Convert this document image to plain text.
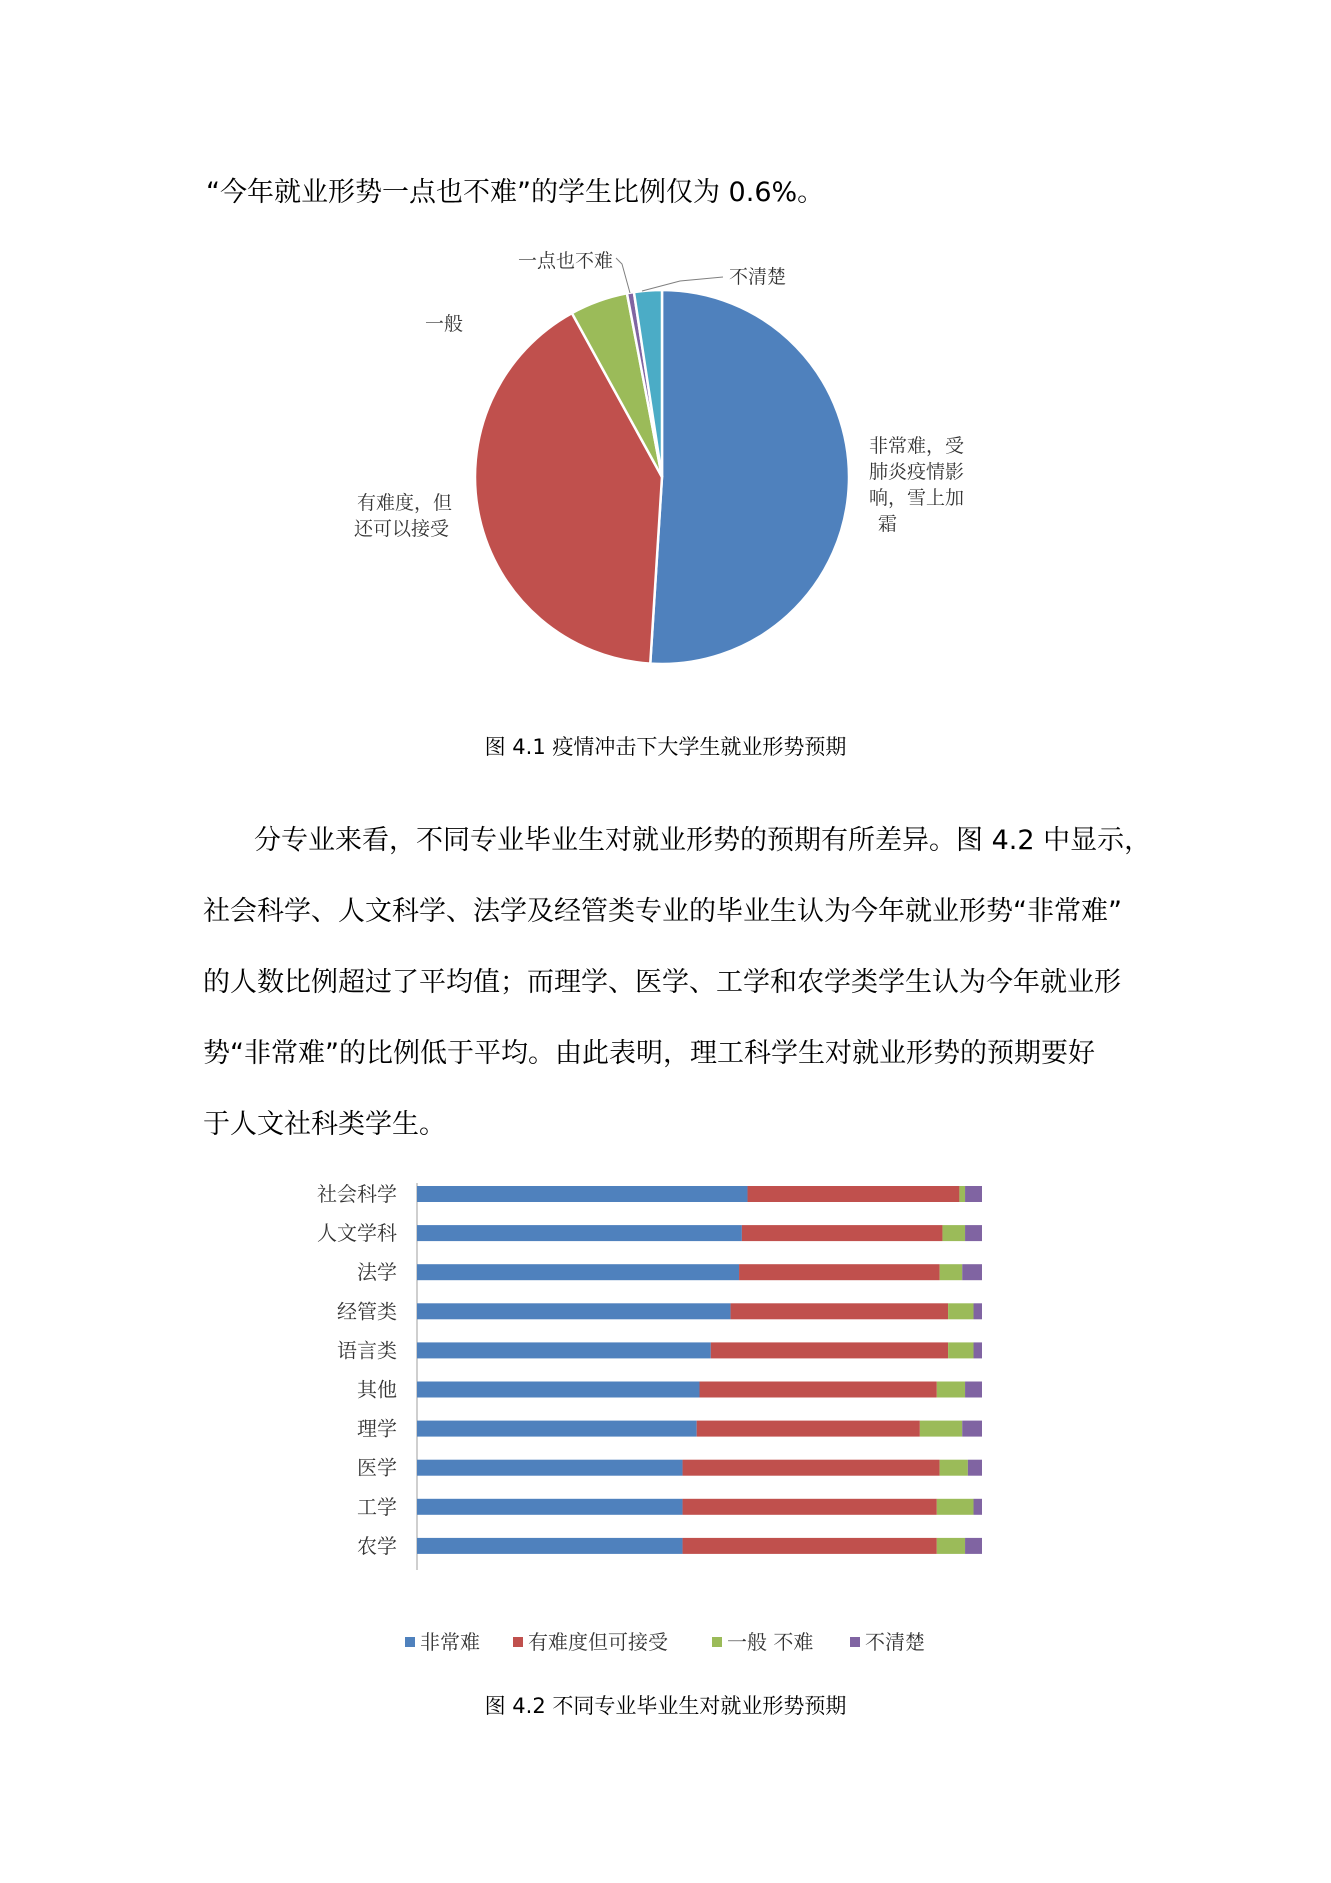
“今年就业形势一点也不难”的学生比例仅为 0.6%。
非常难，受
肺炎疫情影
响，雪上加
霜
有难度，但
还可以接受
一般
一点也不难
不清楚
图 4.1 疫情冲击下大学生就业形势预期
分专业来看，不同专业毕业生对就业形势的预期有所差异。图 4.2 中显示，
社会科学、人文科学、法学及经管类专业的毕业生认为今年就业形势“非常难”
的人数比例超过了平均值；而理学、医学、工学和农学类学生认为今年就业形
势“非常难”的比例低于平均。由此表明，理工科学生对就业形势的预期要好
于人文社科类学生。
社会科学
人文学科
法学
经管类
语言类
其他
理学
医学
工学
农学
非常难 有难度但可接受	一般 不难	不清楚
图 4.2 不同专业毕业生对就业形势预期
